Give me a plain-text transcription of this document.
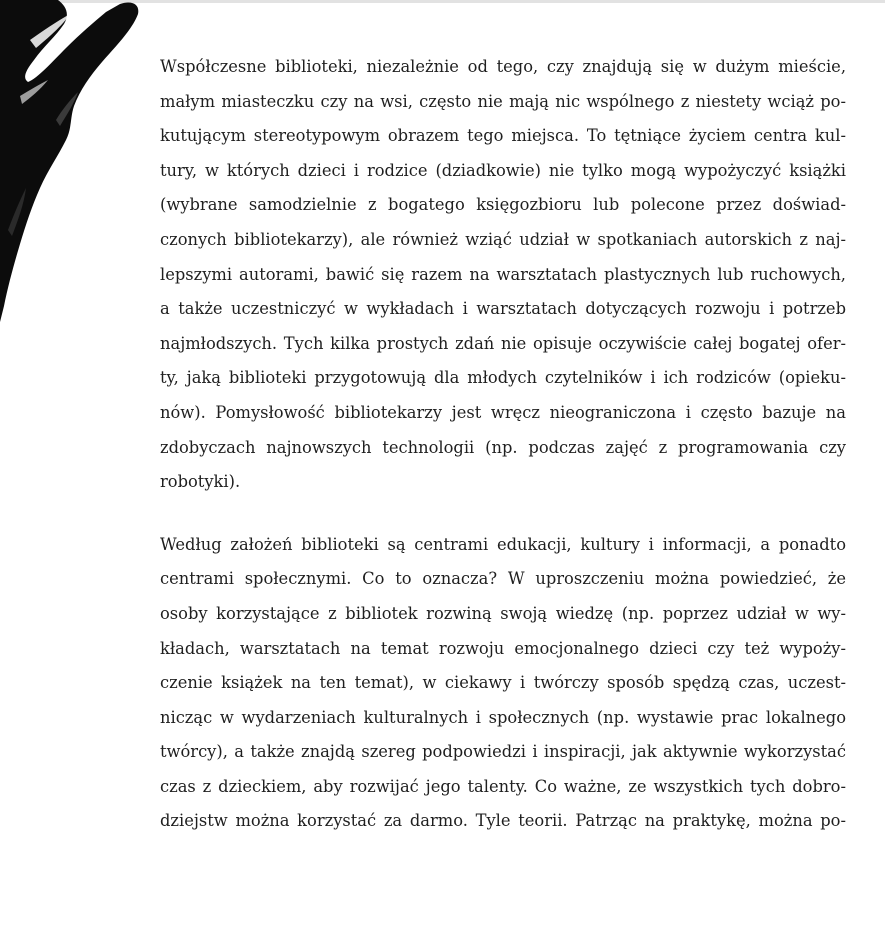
Współczesne biblioteki, niezależnie od tego, czy znajdują się w dużym mieście,
małym miasteczku czy na wsi, często nie mają nic wspólnego z niestety wciąż po-
kutującym stereotypowym obrazem tego miejsca. To tętniące życiem centra kul-
tury, w których dzieci i rodzice (dziadkowie) nie tylko mogą wypożyczyć książki
(wybrane samodzielnie z bogatego księgozbioru lub polecone przez doświad-
czonych bibliotekarzy), ale również wziąć udział w spotkaniach autorskich z naj-
lepszymi autorami, bawić się razem na warsztatach plastycznych lub ruchowych,
a także uczestniczyć w wykładach i warsztatach dotyczących rozwoju i potrzeb
najmłodszych. Tych kilka prostych zdań nie opisuje oczywiście całej bogatej ofer-
ty, jaką biblioteki przygotowują dla młodych czytelników i ich rodziców (opieku-
nów). Pomysłowość bibliotekarzy jest wręcz nieograniczona i często bazuje na
zdobyczach najnowszych technologii (np. podczas zajęć z programowania czy
robotyki).

Według założeń biblioteki są centrami edukacji, kultury i informacji, a ponadto
centrami społecznymi. Co to oznacza? W uproszczeniu można powiedzieć, że
osoby korzystające z bibliotek rozwiną swoją wiedzę (np. poprzez udział w wy-
kładach, warsztatach na temat rozwoju emocjonalnego dzieci czy też wypoży-
czenie książek na ten temat), w ciekawy i twórczy sposób spędzą czas, uczest-
nicząc w wydarzeniach kulturalnych i społecznych (np. wystawie prac lokalnego
twórcy), a także znajdą szereg podpowiedzi i inspiracji, jak aktywnie wykorzystać
czas z dzieckiem, aby rozwijać jego talenty. Co ważne, ze wszystkich tych dobro-
dziejstw można korzystać za darmo. Tyle teorii. Patrząc na praktykę, można po-
